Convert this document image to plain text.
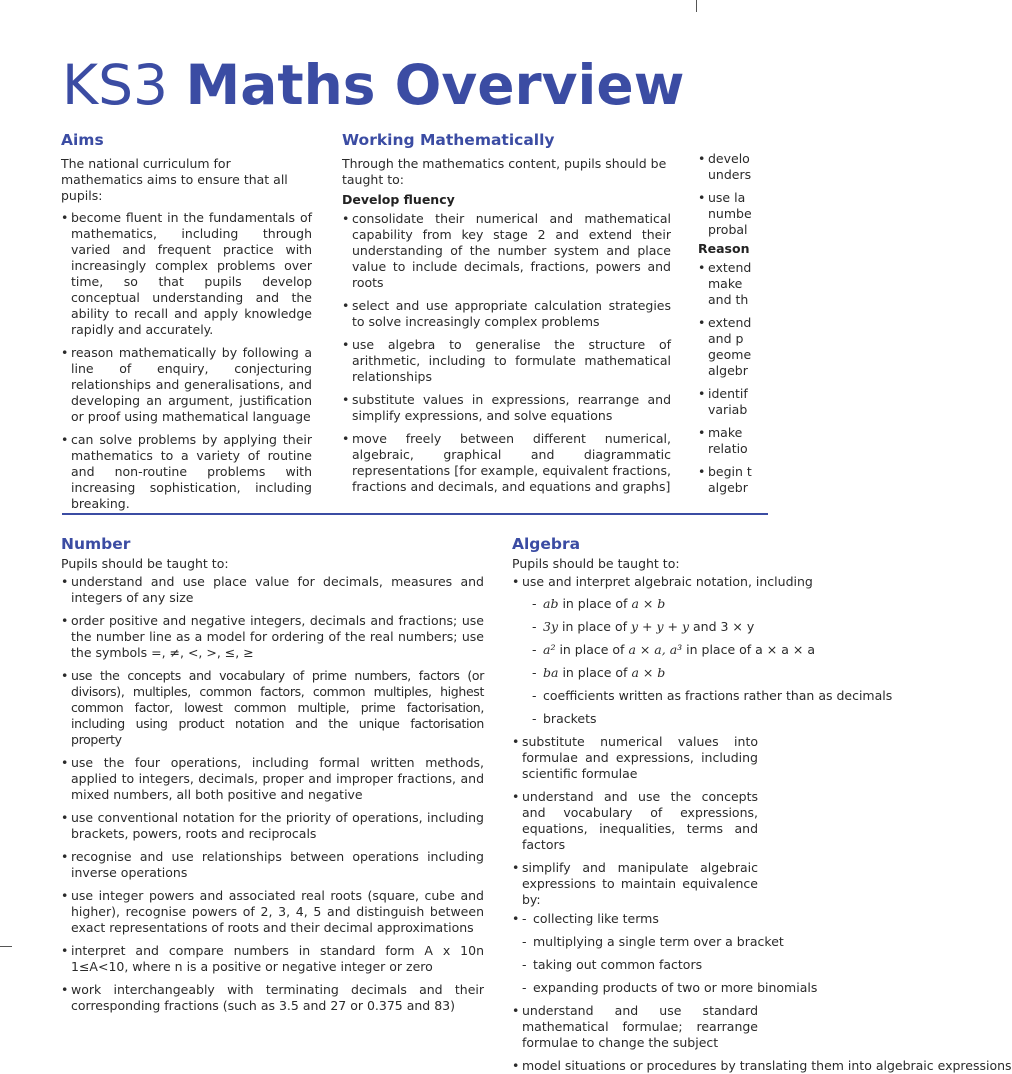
KS3 Maths Overview
Aims

The national curriculum for mathematics aims to ensure that all pupils:

• become fluent in the fundamentals of mathematics, including through varied and frequent practice with increasingly complex problems over time, so that pupils develop conceptual understanding and the ability to recall and apply knowledge rapidly and accurately.
• reason mathematically by following a line of enquiry, conjecturing relationships and generalisations, and developing an argument, justification or proof using mathematical language
• can solve problems by applying their mathematics to a variety of routine and non-routine problems with increasing sophistication, including breaking.
Working Mathematically

Through the mathematics content, pupils should be taught to:

Develop fluency
• consolidate their numerical and mathematical capability from key stage 2 and extend their understanding of the number system and place value to include decimals, fractions, powers and roots
• select and use appropriate calculation strategies to solve increasingly complex problems
• use algebra to generalise the structure of arithmetic, including to formulate mathematical relationships
• substitute values in expressions, rearrange and simplify expressions, and solve equations
• move freely between different numerical, algebraic, graphical and diagrammatic representations [for example, equivalent fractions, fractions and decimals, and equations and graphs]
• develo
unders
• use la
numbe
probal
Reason
• extend
make
and th
• extend
and p
geome
algebr
• identif
variab
• make
relatio
• begin t
algebr
Number

Pupils should be taught to:

• understand and use place value for decimals, measures and integers of any size
• order positive and negative integers, decimals and fractions; use the number line as a model for ordering of the real numbers; use the symbols =, ≠, <, >, ≤, ≥
• use the concepts and vocabulary of prime numbers, factors (or divisors), multiples, common factors, common multiples, highest common factor, lowest common multiple, prime factorisation, including using product notation and the unique factorisation property
• use the four operations, including formal written methods, applied to integers, decimals, proper and improper fractions, and mixed numbers, all both positive and negative
• use conventional notation for the priority of operations, including brackets, powers, roots and reciprocals
• recognise and use relationships between operations including inverse operations
• use integer powers and associated real roots (square, cube and higher), recognise powers of 2, 3, 4, 5 and distinguish between exact representations of roots and their decimal approximations
• interpret and compare numbers in standard form A x 10n 1≤A<10, where n is a positive or negative integer or zero
• work interchangeably with terminating decimals and their corresponding fractions (such as 3.5 and 27 or 0.375 and 83)
Algebra

Pupils should be taught to:

• use and interpret algebraic notation, including
- ab in place of a × b
- 3y in place of y + y + y and 3 × y
- a² in place of a × a, a³ in place of a × a × a
- ba in place of a × b
- coefficients written as fractions rather than as decimals
- brackets
• substitute numerical values into formulae and expressions, including scientific formulae
• understand and use the concepts and vocabulary of expressions, equations, inequalities, terms and factors
• simplify and manipulate algebraic expressions to maintain equivalence by:
- • collecting like terms
- multiplying a single term over a bracket
- taking out common factors
- expanding products of two or more binomials
• understand and use standard mathematical formulae; rearrange formulae to change the subject
• model situations or procedures by translating them into algebraic expressions
